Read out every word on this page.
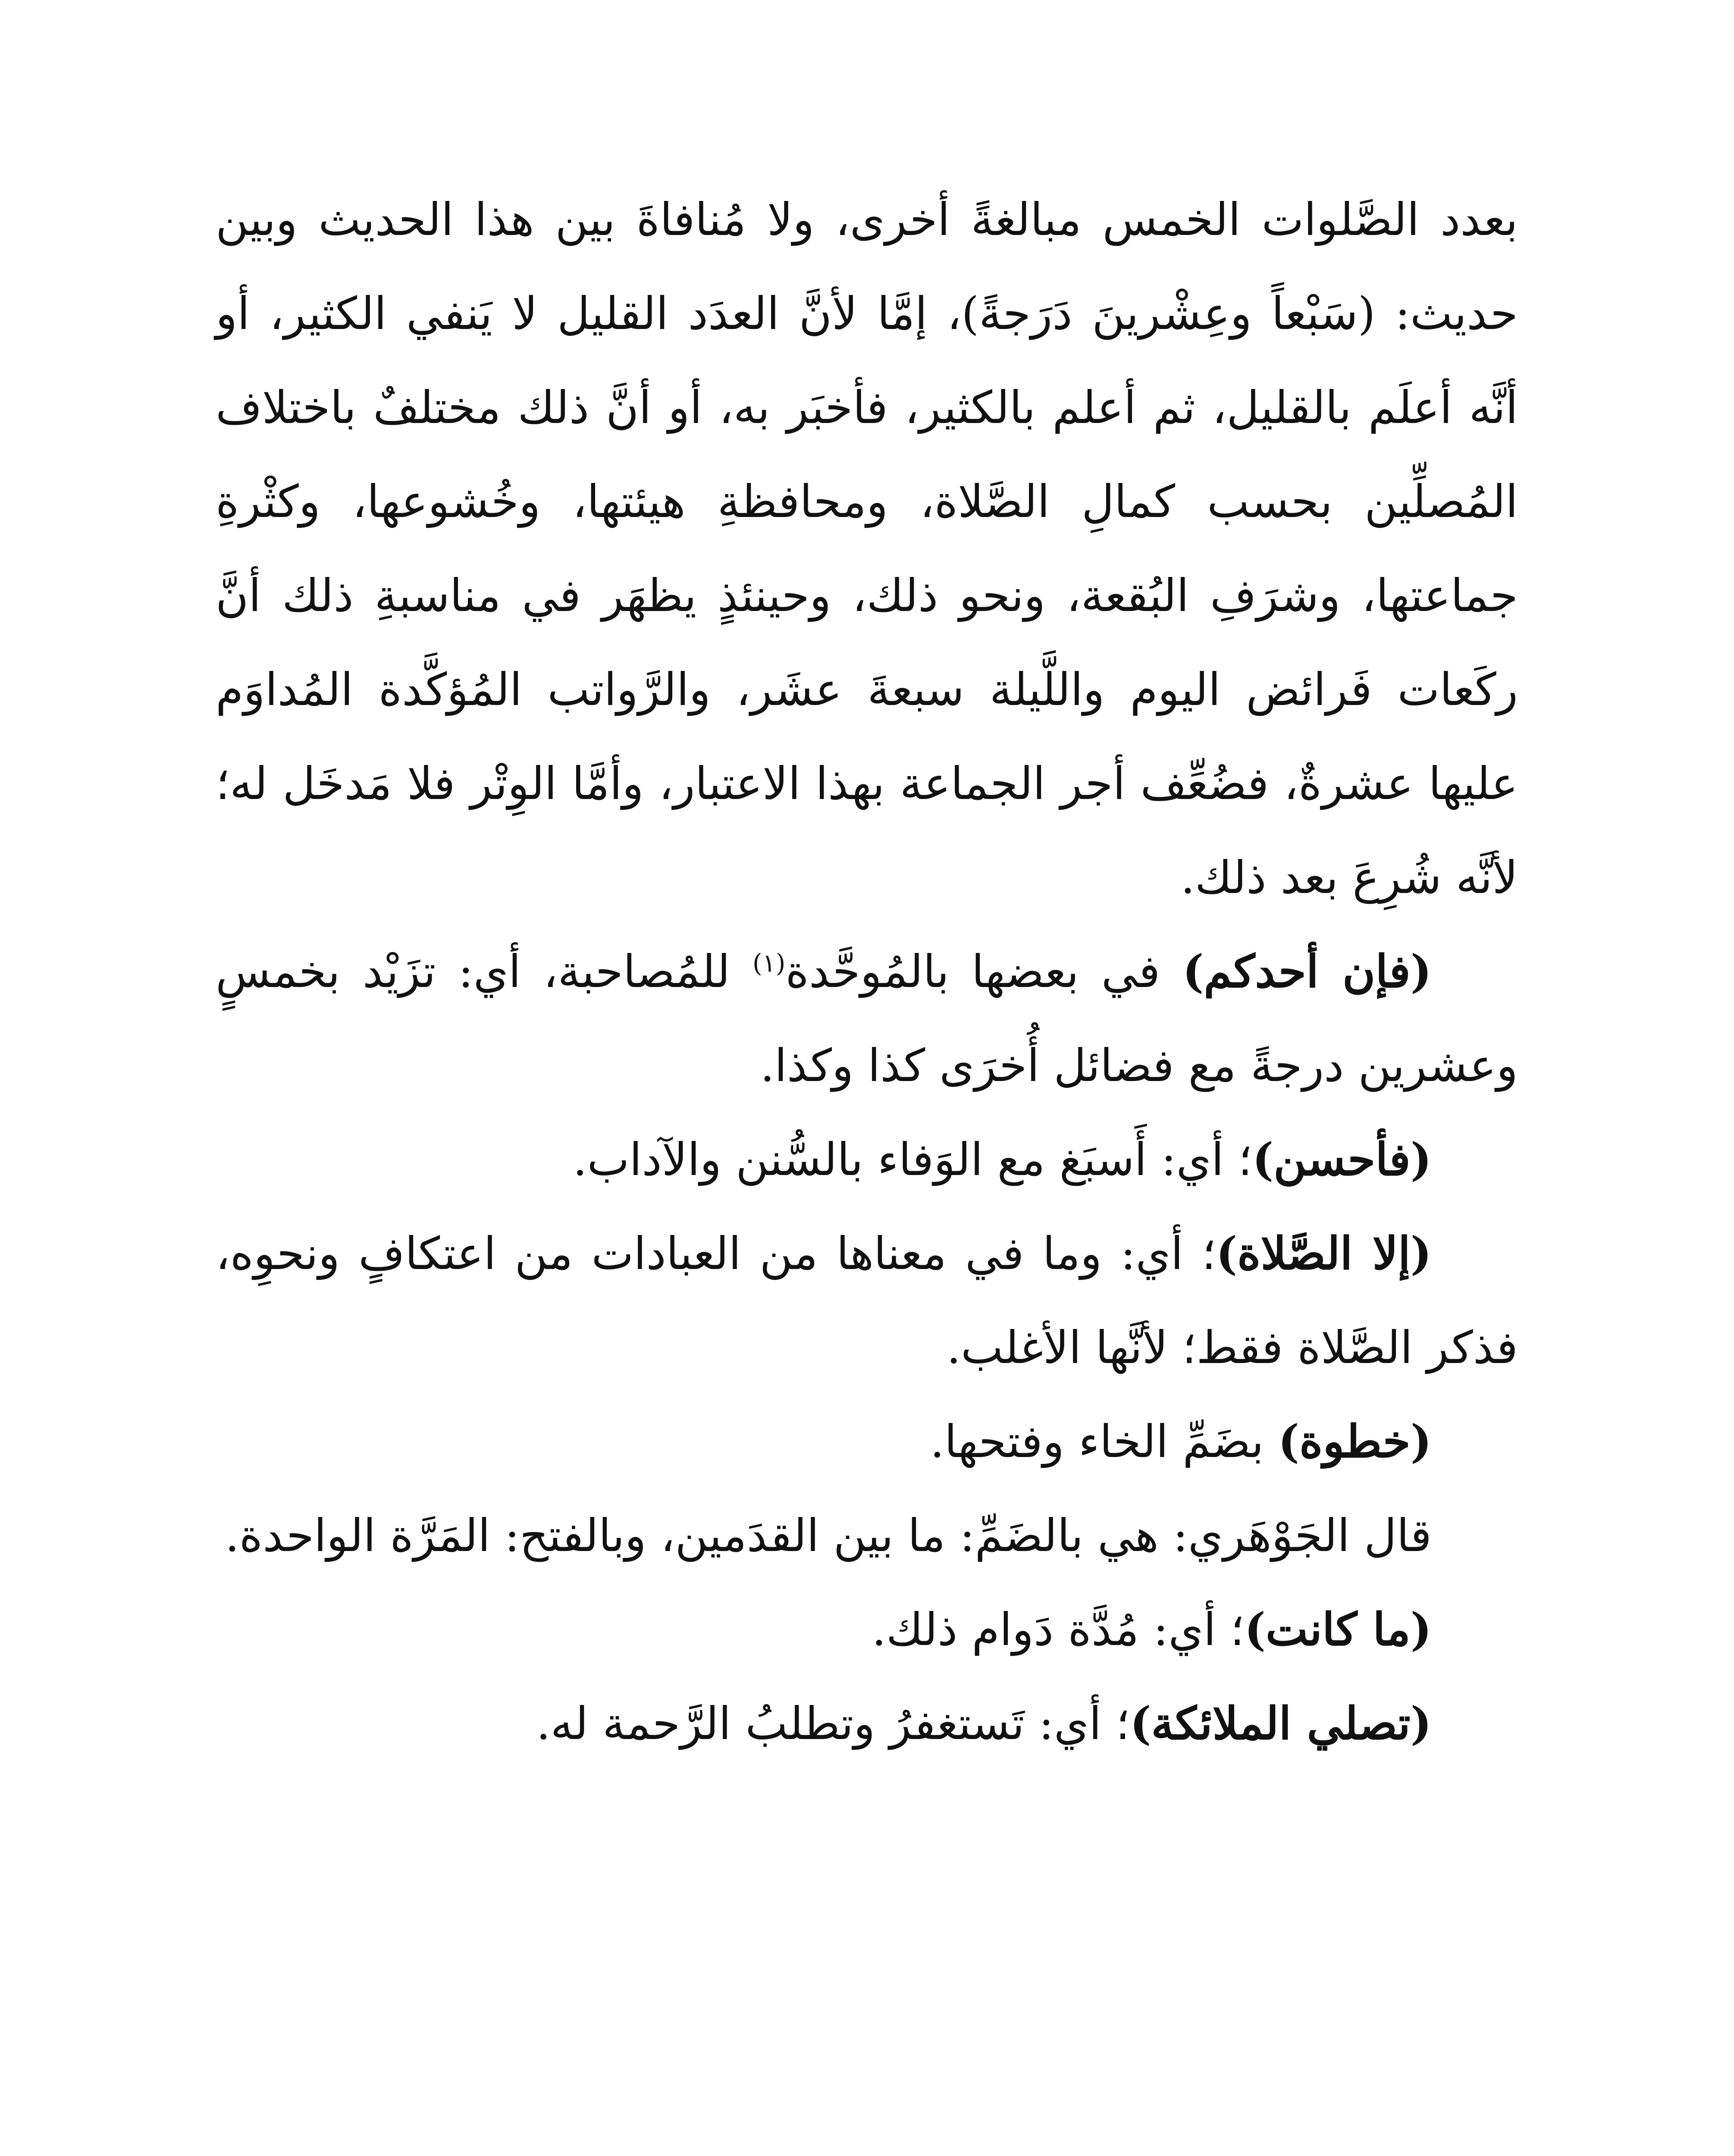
بعدد الصَّلوات الخمس مبالغةً أخرى، ولا مُنافاةَ بين هذا الحديث وبين حديث: (سَبْعاً وعِشْرينَ دَرَجةً)، إمَّا لأنَّ العدَد القليل لا يَنفي الكثير، أو أنَّه أعلَم بالقليل، ثم أعلم بالكثير، فأخبَر به، أو أنَّ ذلك مختلفٌ باختلاف المُصلِّين بحسب كمالِ الصَّلاة، ومحافظةِ هيئتها، وخُشوعها، وكثْرةِ جماعتها، وشرَفِ البُقعة، ونحو ذلك، وحينئذٍ يظهَر في مناسبةِ ذلك أنَّ ركَعات فَرائض اليوم واللَّيلة سبعةَ عشَر، والرَّواتب المُؤكَّدة المُداوَم عليها عشرةٌ، فضُعِّف أجر الجماعة بهذا الاعتبار، وأمَّا الوِتْر فلا مَدخَل له؛ لأنَّه شُرِعَ بعد ذلك.

(فإن أحدكم) في بعضها بالمُوحَّدة$^{(١)}$ للمُصاحبة، أي: تزَيْد بخمسٍ وعشرين درجةً مع فضائل أُخرَى كذا وكذا.

(فأحسن)؛ أي: أَسبَغ مع الوَفاء بالسُّنن والآداب.

(إلا الصَّلاة)؛ أي: وما في معناها من العبادات من اعتكافٍ ونحوِه، فذكر الصَّلاة فقط؛ لأنَّها الأغلب.

(خطوة) بضَمِّ الخاء وفتحها.

قال الجَوْهَري: هي بالضَمِّ: ما بين القدَمين، وبالفتح: المَرَّة الواحدة.

(ما كانت)؛ أي: مُدَّة دَوام ذلك.

(تصلي الملائكة)؛ أي: تَستغفرُ وتطلبُ الرَّحمة له.
